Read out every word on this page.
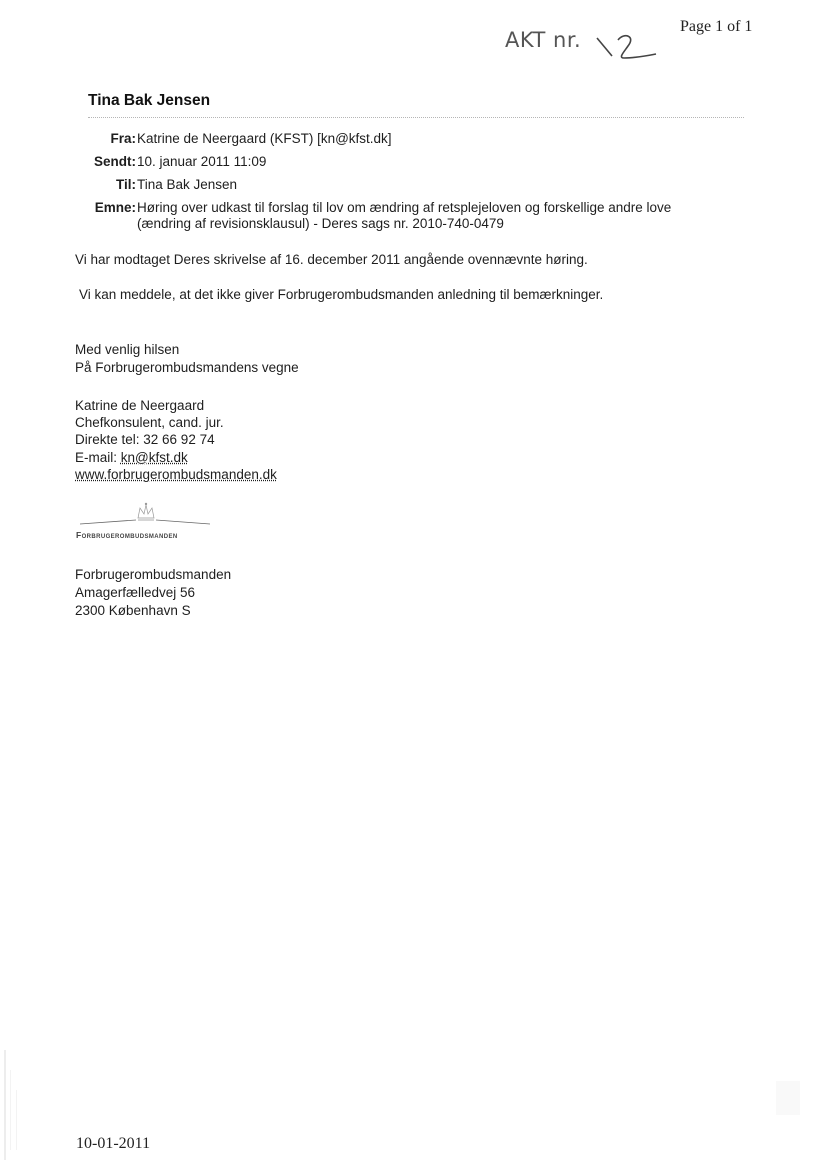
Page 1 of 1
AKT nr.
Tina Bak Jensen
Fra: Katrine de Neergaard (KFST) [kn@kfst.dk]
Sendt: 10. januar 2011 11:09
Til: Tina Bak Jensen
Emne: Høring over udkast til forslag til lov om ændring af retsplejeloven og forskellige andre love
(ændring af revisionsklausul) - Deres sags nr. 2010-740-0479
Vi har modtaget Deres skrivelse af 16. december 2011 angående ovennævnte høring.
Vi kan meddele, at det ikke giver Forbrugerombudsmanden anledning til bemærkninger.
Med venlig hilsen
På Forbrugerombudsmandens vegne
Katrine de Neergaard
Chefkonsulent, cand. jur.
Direkte tel: 32 66 92 74
E-mail: kn@kfst.dk
www.forbrugerombudsmanden.dk
Forbrugerombudsmanden
Forbrugerombudsmanden
Amagerfælledvej 56
2300 København S
10-01-2011
